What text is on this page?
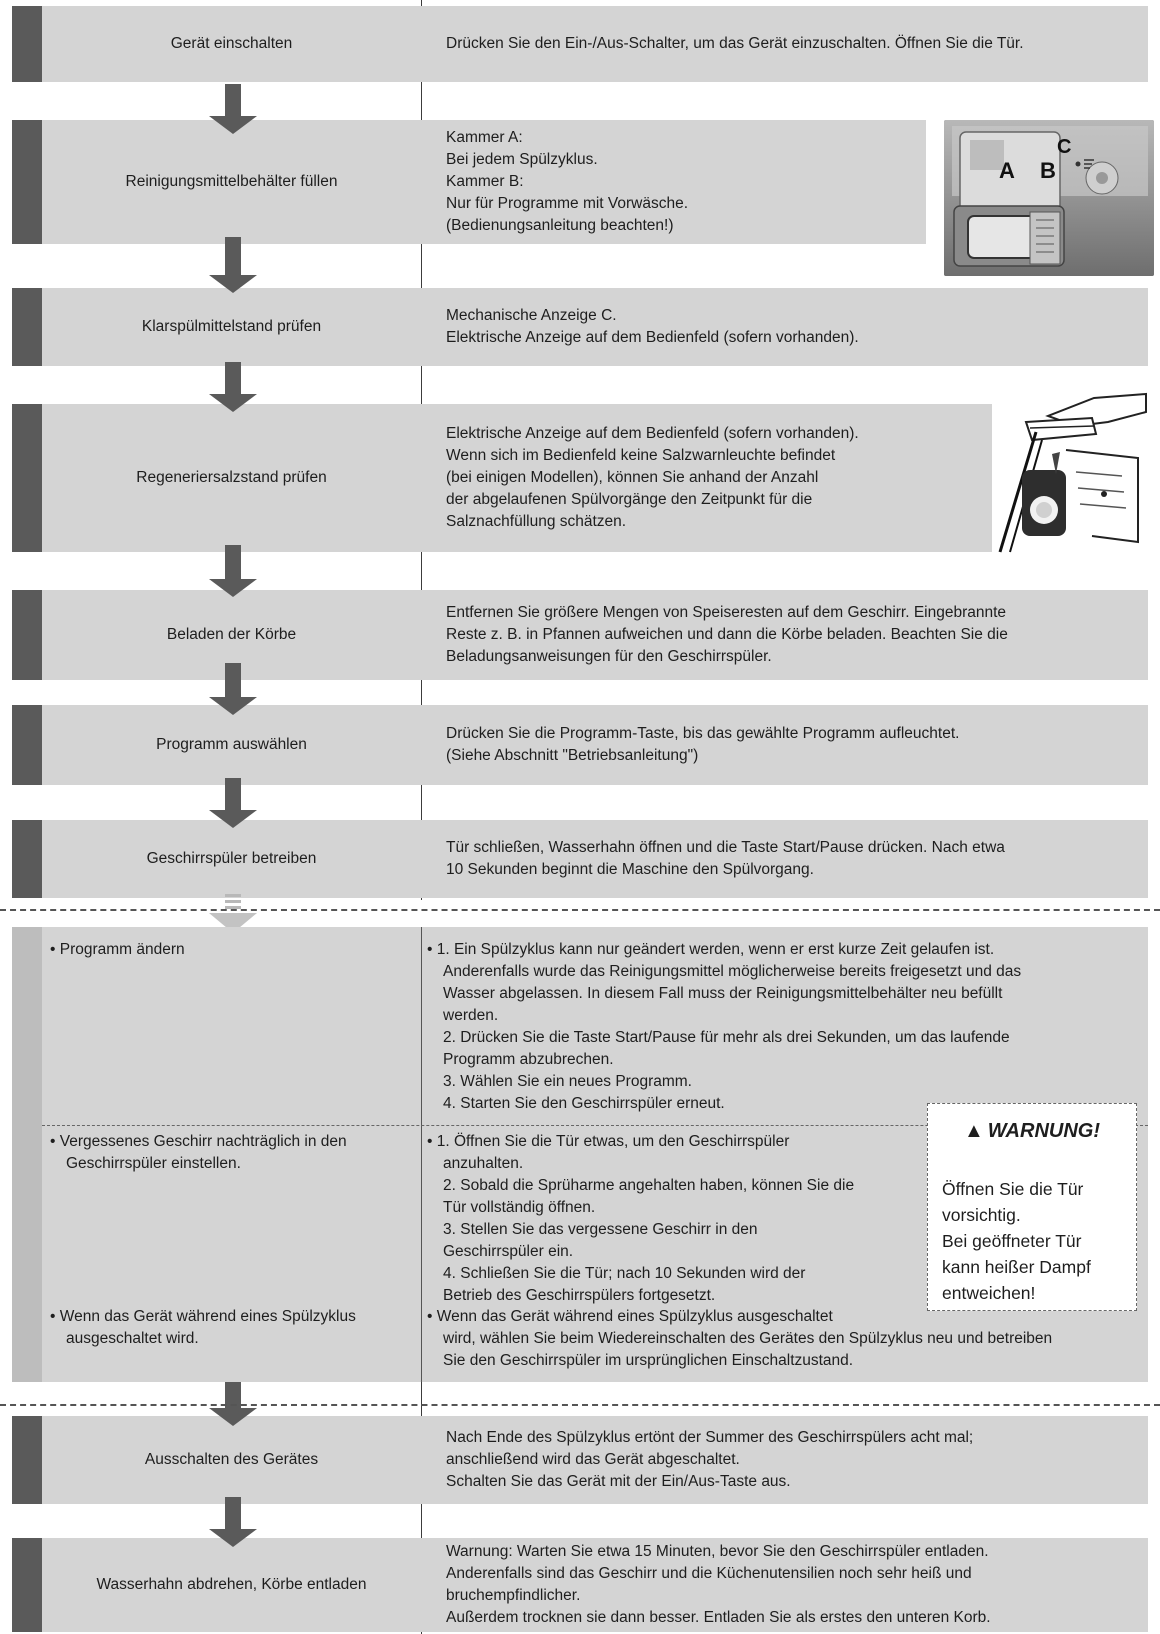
Gerät einschalten	Drücken Sie den Ein-/Aus-Schalter, um das Gerät einzuschalten. Öffnen Sie die Tür.
Reinigungsmittelbehälter füllen
Kammer A:
Bei jedem Spülzyklus.
Kammer B:
Nur für Programme mit Vorwäsche.
(Bedienungsanleitung beachten!)
Klarspülmittelstand prüfen
Mechanische Anzeige C.
Elektrische Anzeige auf dem Bedienfeld (sofern vorhanden).
Regeneriersalzstand prüfen
Elektrische Anzeige auf dem Bedienfeld (sofern vorhanden).
Wenn sich im Bedienfeld keine Salzwarnleuchte befindet
(bei einigen Modellen), können Sie anhand der Anzahl
der abgelaufenen Spülvorgänge den Zeitpunkt für die
Salznachfüllung schätzen.
Beladen der Körbe
Entfernen Sie größere Mengen von Speiseresten auf dem Geschirr. Eingebrannte
Reste z. B. in Pfannen aufweichen und dann die Körbe beladen. Beachten Sie die
Beladungsanweisungen für den Geschirrspüler.
Programm auswählen
Drücken Sie die Programm-Taste, bis das gewählte Programm aufleuchtet.
(Siehe Abschnitt "Betriebsanleitung")
Geschirrspüler betreiben
Tür schließen, Wasserhahn öffnen und die Taste Start/Pause drücken. Nach etwa
10 Sekunden beginnt die Maschine den Spülvorgang.
Ausschalten des Gerätes
Nach Ende des Spülzyklus ertönt der Summer des Geschirrspülers acht mal;
anschließend wird das Gerät abgeschaltet.
Schalten Sie das Gerät mit der Ein/Aus-Taste aus.
Wasserhahn abdrehen, Körbe entladen
Warnung: Warten Sie etwa 15 Minuten, bevor Sie den Geschirrspüler entladen.
Anderenfalls sind das Geschirr und die Küchenutensilien noch sehr heiß und
bruchempfindlicher.
Außerdem trocknen sie dann besser. Entladen Sie als erstes den unteren Korb.
• Programm ändern
•	1. Ein Spülzyklus kann nur geändert werden, wenn er erst kurze Zeit gelaufen ist.
Anderenfalls wurde das Reinigungsmittel möglicherweise bereits freigesetzt und das
Wasser abgelassen. In diesem Fall muss der Reinigungsmittelbehälter neu befüllt
werden.
2. Drücken Sie die Taste Start/Pause für mehr als drei Sekunden, um das laufende
Programm abzubrechen.
3. Wählen Sie ein neues Programm.
4. Starten Sie den Geschirrspüler erneut.
• Vergessenes Geschirr nachträglich in den Geschirrspüler einstellen.
• 1. Öffnen Sie die Tür etwas, um den Geschirrspüler
anzuhalten.
2. Sobald die Sprüharme angehalten haben, können Sie die
Tür vollständig öffnen.
3. Stellen Sie das vergessene Geschirr in den
Geschirrspüler ein.
4. Schließen Sie die Tür; nach 10 Sekunden wird der
Betrieb des Geschirrspülers fortgesetzt.
• Wenn das Gerät während eines Spülzyklus ausgeschaltet wird.
• Wenn das Gerät während eines Spülzyklus ausgeschaltet
wird, wählen Sie beim Wiedereinschalten des Gerätes den Spülzyklus neu und betreiben
Sie den Geschirrspüler im ursprünglichen Einschaltzustand.
▲ WARNUNG!
Öffnen Sie die Tür
vorsichtig.
Bei geöffneter Tür
kann heißer Dampf
entweichen!
A B
C
